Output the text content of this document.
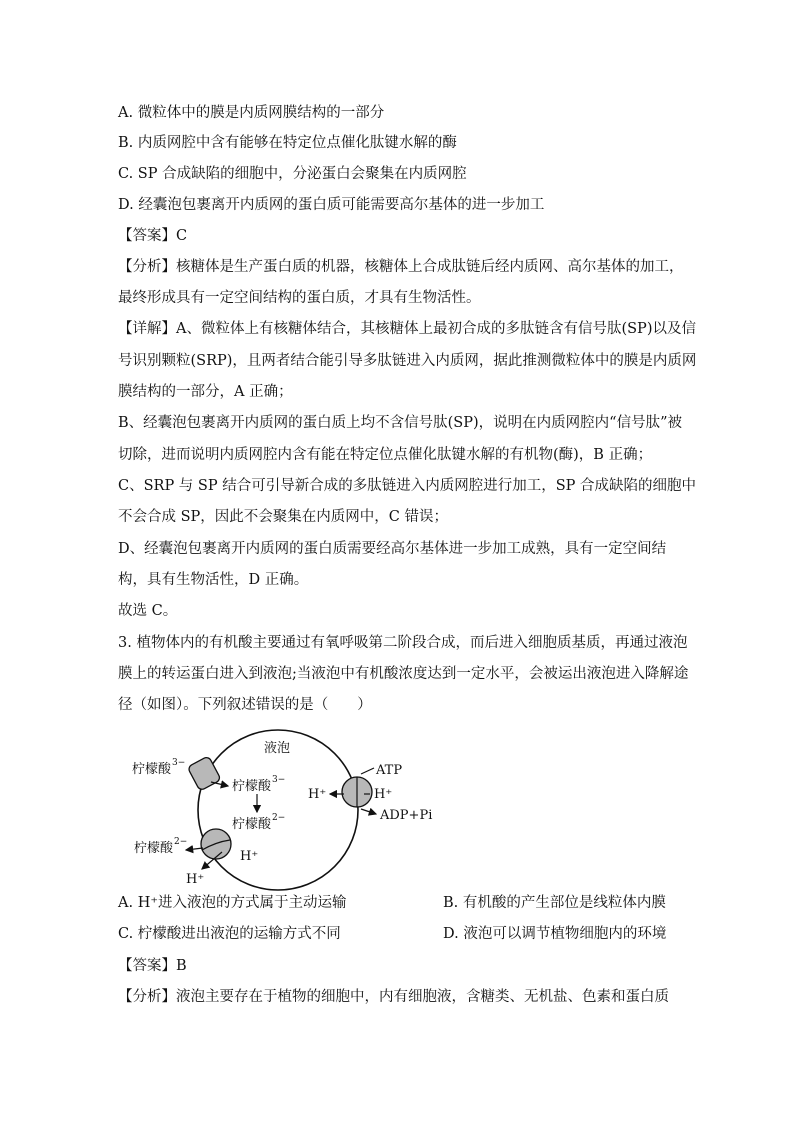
A. 微粒体中的膜是内质网膜结构的一部分
B. 内质网腔中含有能够在特定位点催化肽键水解的酶
C. SP 合成缺陷的细胞中，分泌蛋白会聚集在内质网腔
D. 经囊泡包裹离开内质网的蛋白质可能需要高尔基体的进一步加工
【答案】C
【分析】核糖体是生产蛋白质的机器，核糖体上合成肽链后经内质网、高尔基体的加工，
最终形成具有一定空间结构的蛋白质，才具有生物活性。
【详解】A、微粒体上有核糖体结合，其核糖体上最初合成的多肽链含有信号肽(SP)以及信
号识别颗粒(SRP)，且两者结合能引导多肽链进入内质网，据此推测微粒体中的膜是内质网
膜结构的一部分，A 正确；
B、经囊泡包裹离开内质网的蛋白质上均不含信号肽(SP)，说明在内质网腔内“信号肽”被
切除，进而说明内质网腔内含有能在特定位点催化肽键水解的有机物(酶)，B 正确；
C、SRP 与 SP 结合可引导新合成的多肽链进入内质网腔进行加工，SP 合成缺陷的细胞中
不会合成 SP，因此不会聚集在内质网中，C 错误；
D、经囊泡包裹离开内质网的蛋白质需要经高尔基体进一步加工成熟，具有一定空间结
构，具有生物活性，D 正确。
故选 C。
3. 植物体内的有机酸主要通过有氧呼吸第二阶段合成，而后进入细胞质基质，再通过液泡
膜上的转运蛋白进入到液泡;当液泡中有机酸浓度达到一定水平，会被运出液泡进入降解途
径（如图）。下列叙述错误的是（　　）
液泡
柠檬酸 3−
柠檬酸 3−
柠檬酸 2−
柠檬酸 2−
H⁺
H⁺
ATP
H⁺	H⁺
ADP+Pi
A. H⁺进入液泡的方式属于主动运输	B. 有机酸的产生部位是线粒体内膜
C. 柠檬酸进出液泡的运输方式不同	D. 液泡可以调节植物细胞内的环境
【答案】B
【分析】液泡主要存在于植物的细胞中，内有细胞液，含糖类、无机盐、色素和蛋白质
